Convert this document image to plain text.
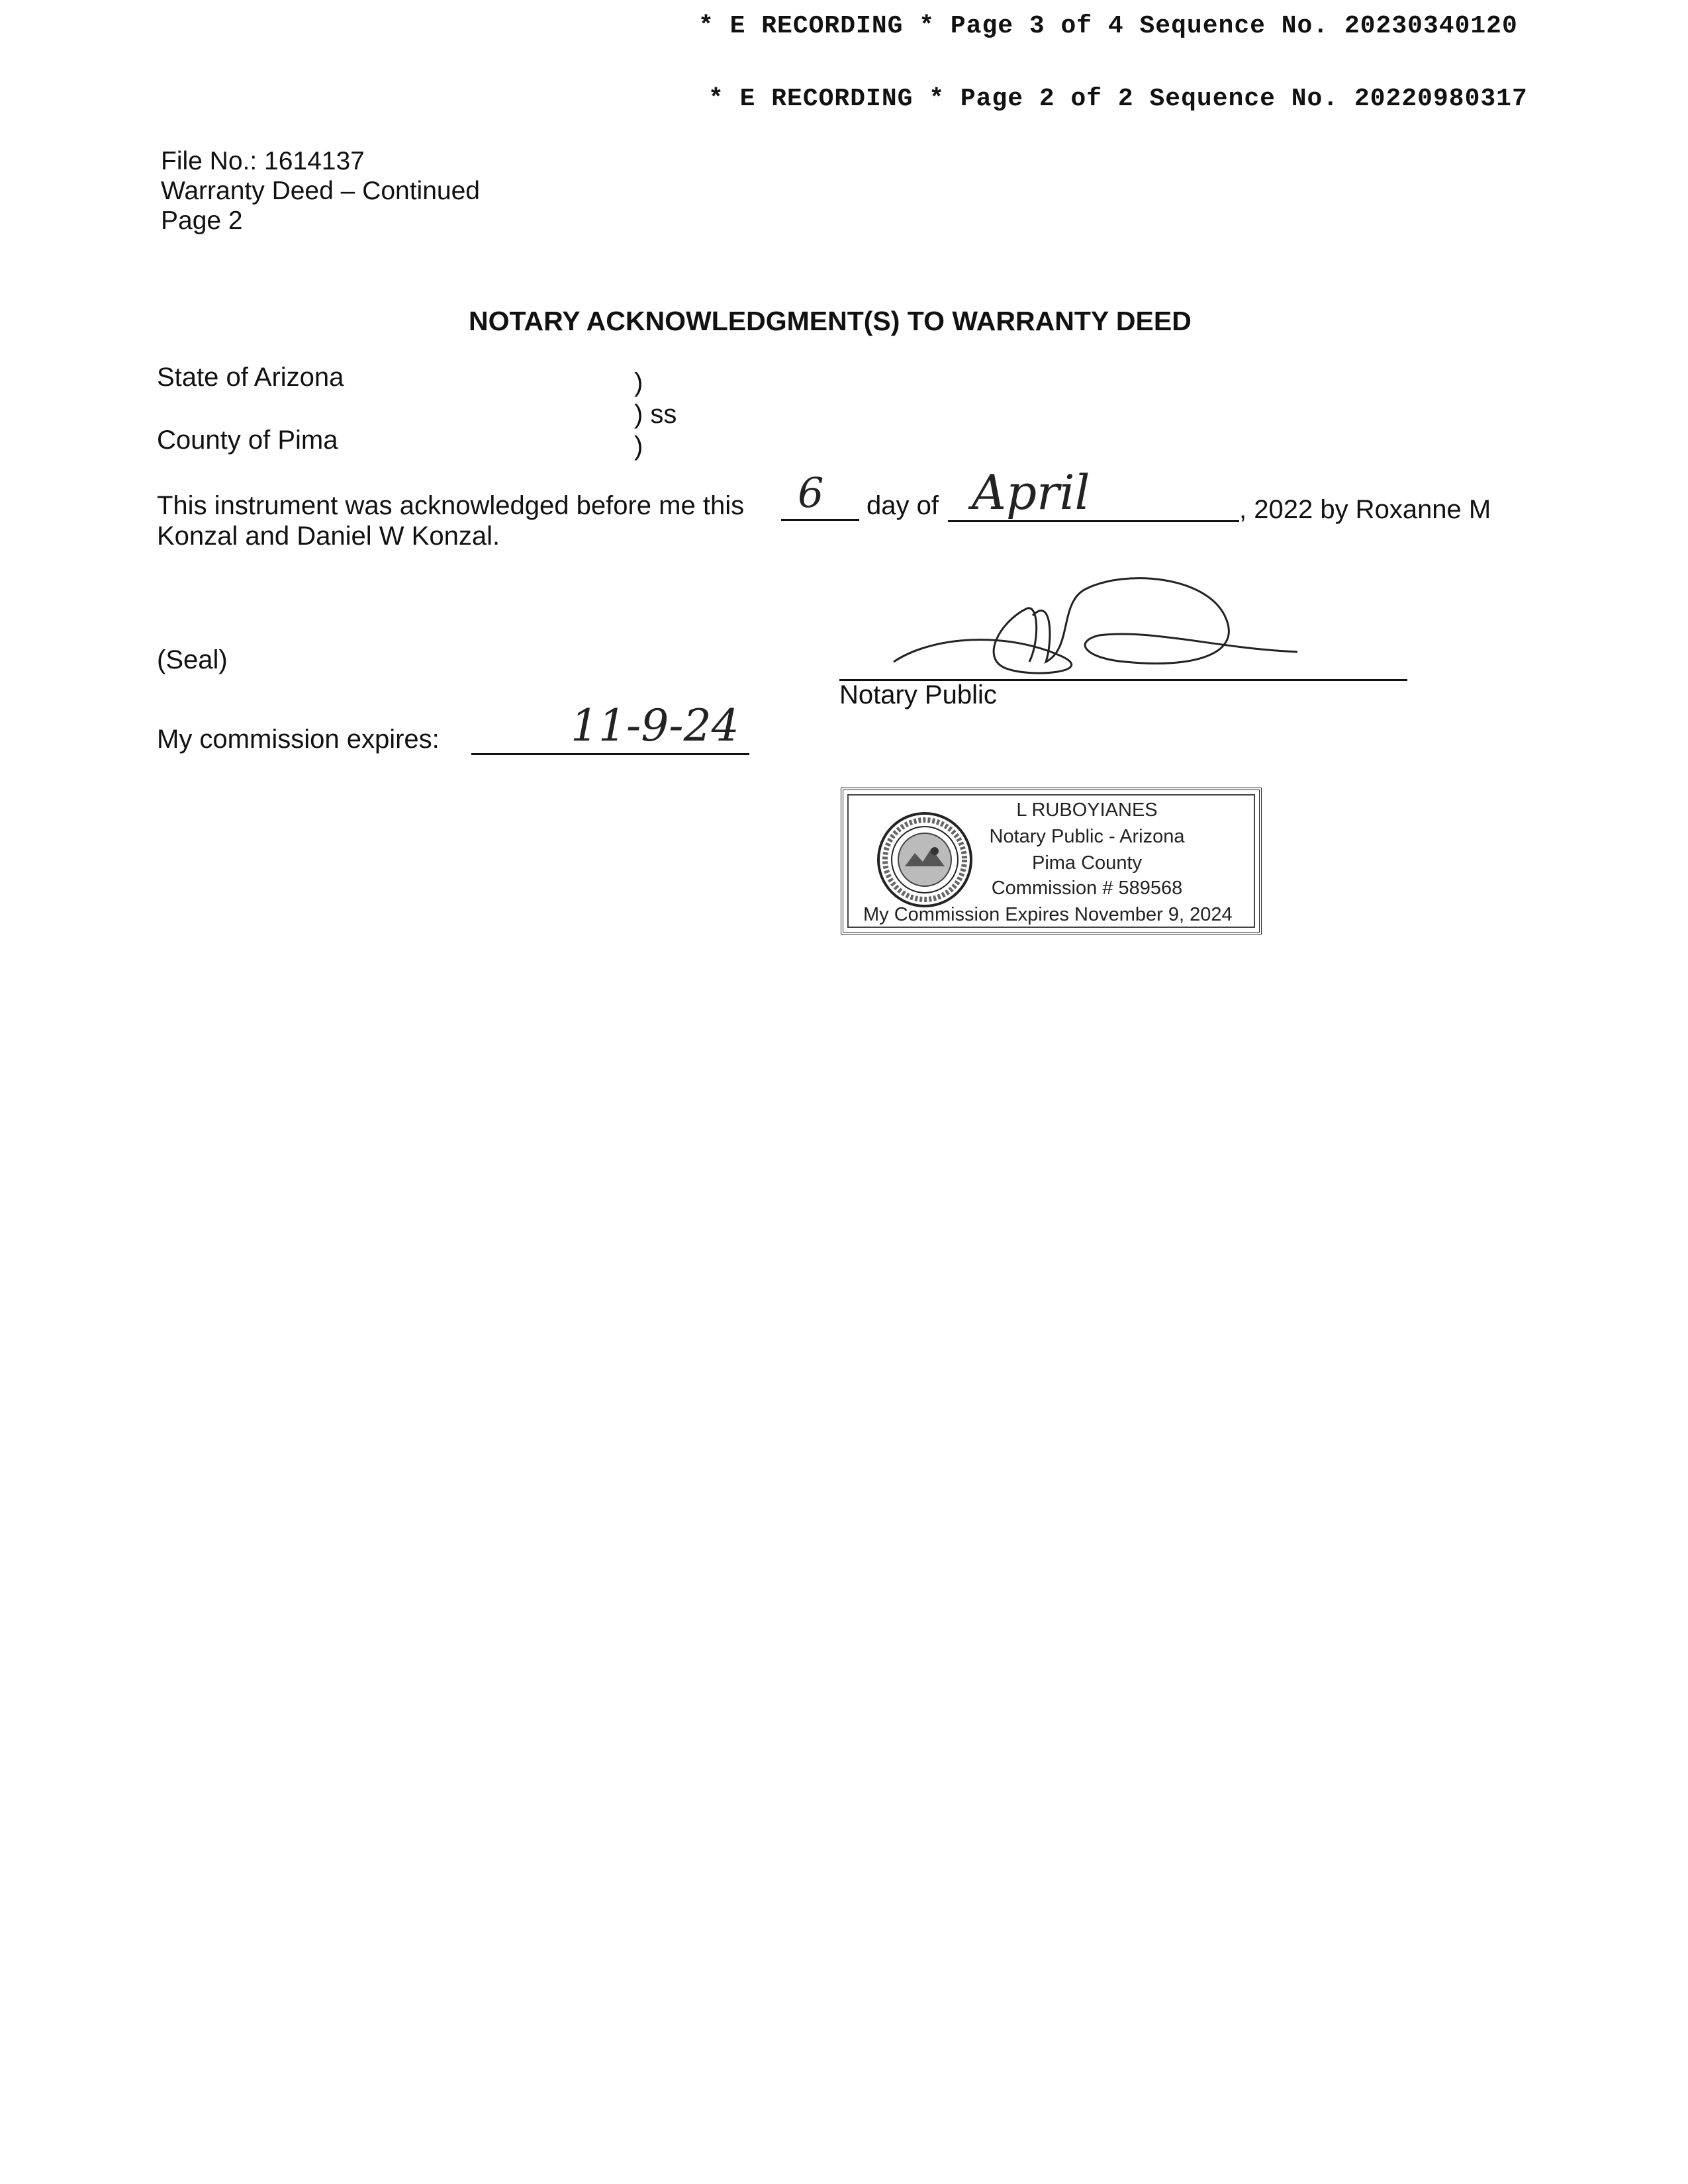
* E RECORDING * Page 3 of 4 Sequence No. 20230340120
* E RECORDING * Page 2 of 2 Sequence No. 20220980317
File No.: 1614137
Warranty Deed – Continued
Page 2
NOTARY ACKNOWLEDGMENT(S) TO WARRANTY DEED
State of Arizona
County of Pima
)
) ss
)
This instrument was acknowledged before me this 6 day of April	, 2022 by Roxanne M
Konzal and Daniel W Konzal.
(Seal)
Notary Public
My commission expires:	11-9-24
L RUBOYIANES
Notary Public - Arizona
Pima County
Commission # 589568
My Commission Expires November 9, 2024
